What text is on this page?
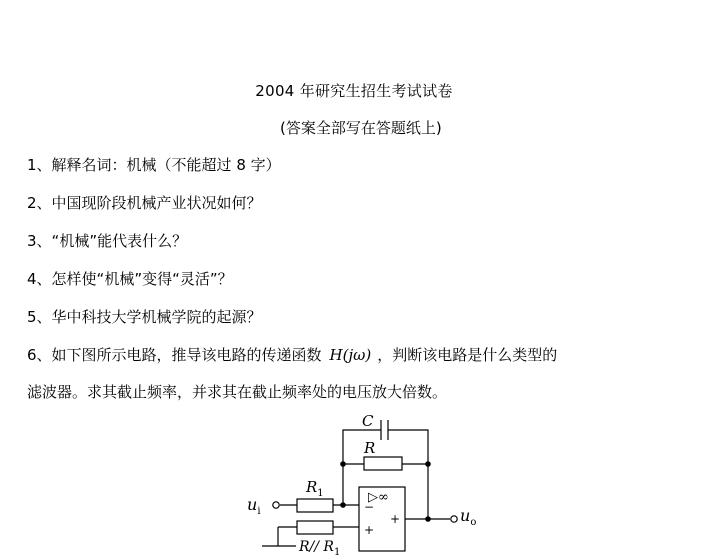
2004 年研究生招生考试试卷
(答案全部写在答题纸上)
1、解释名词：机械（不能超过 8 字）
2、中国现阶段机械产业状况如何？
3、“机械”能代表什么？
4、怎样使“机械”变得“灵活”？
5、华中科技大学机械学院的起源？
6、如下图所示电路，推导该电路的传递函数 H(jω) ，判断该电路是什么类型的
滤波器。求其截止频率，并求其在截止频率处的电压放大倍数。
C
R
$R_1$
$u_i$	$u_o$
R// $R_1$
▷∞
−
+
+
